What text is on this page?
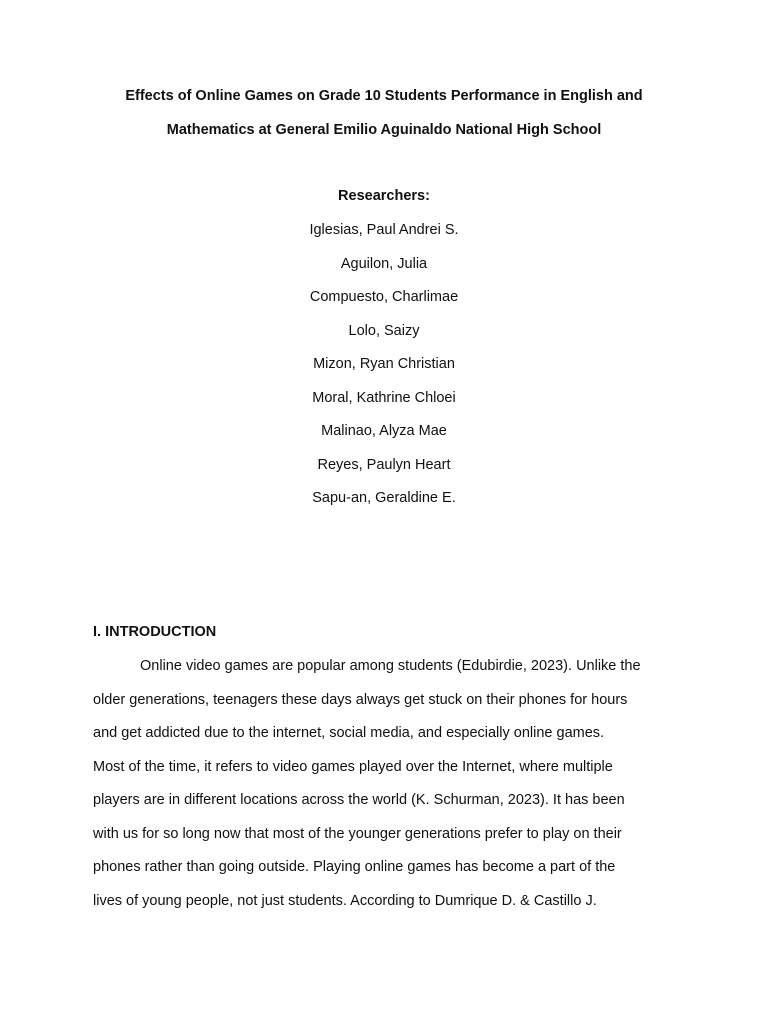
Effects of Online Games on Grade 10 Students Performance in English and
Mathematics at General Emilio Aguinaldo National High School
Researchers:
Iglesias, Paul Andrei S.
Aguilon, Julia
Compuesto, Charlimae
Lolo, Saizy
Mizon, Ryan Christian
Moral, Kathrine Chloei
Malinao, Alyza Mae
Reyes, Paulyn Heart
Sapu-an, Geraldine E.
I. INTRODUCTION
Online video games are popular among students (Edubirdie, 2023). Unlike the
older generations, teenagers these days always get stuck on their phones for hours
and get addicted due to the internet, social media, and especially online games.
Most of the time, it refers to video games played over the Internet, where multiple
players are in different locations across the world (K. Schurman, 2023). It has been
with us for so long now that most of the younger generations prefer to play on their
phones rather than going outside. Playing online games has become a part of the
lives of young people, not just students. According to Dumrique D. & Castillo J.
